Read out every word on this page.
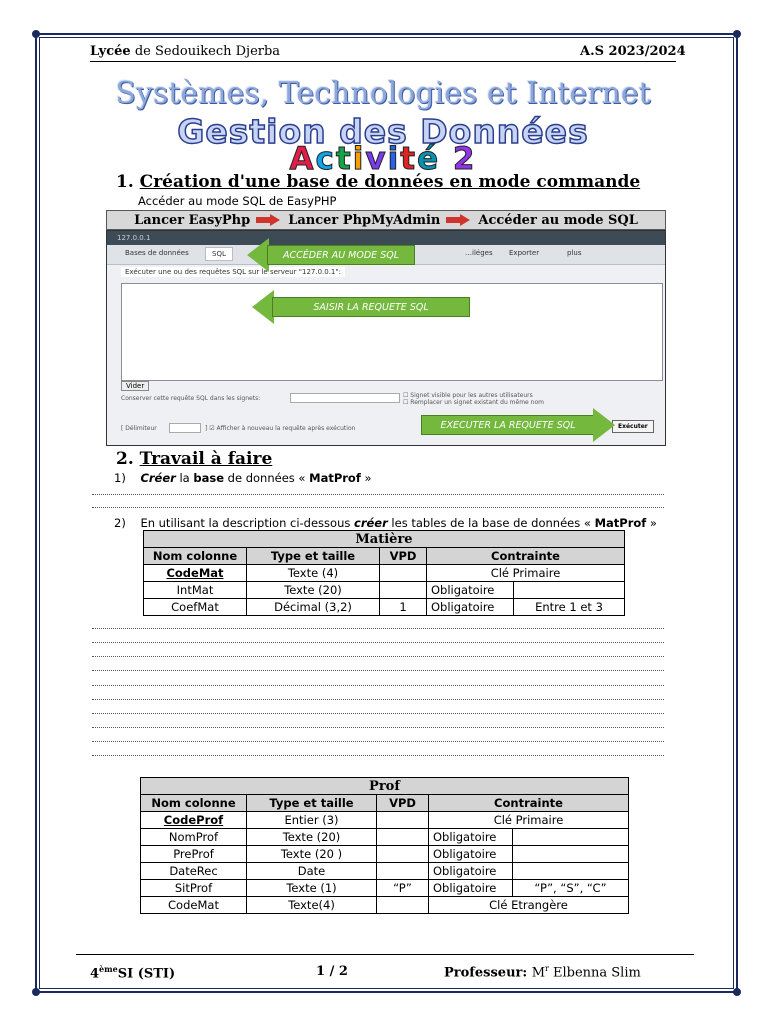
Lycée de Sedouikech Djerba	A.S 2023/2024
Systèmes, Technologies et Internet
Gestion des Données
Activité 2
1. Création d'une base de données en mode commande
Accéder au mode SQL de EasyPHP
Lancer EasyPhp	Lancer PhpMyAdmin	Accéder au mode SQL
127.0.0.1
Bases de données	SQL	…iléges Exporter	plus
Exécuter une ou des requêtes SQL sur le serveur "127.0.0.1":
Vider
Conserver cette requête SQL dans les signets:	☐ Signet visible pour les autres utilisateurs
☐ Remplacer un signet existant du même nom
[ Délimiteur	] ☑ Afficher à nouveau la requête après exécution	Exécuter
ACCÉDER AU MODE SQL
SAISIR LA REQUETE SQL
EXECUTER LA REQUETE SQL
2. Travail à faire
1) Créer la base de données « MatProf »
2) En utilisant la description ci-dessous créer les tables de la base de données « MatProf »
Matière				
Nom colonne	Type et taille	VPD	Contrainte	
CodeMat	Texte (4)		Clé Primaire	
IntMat	Texte (20)		Obligatoire	
CoefMat	Décimal (3,2)	1	Obligatoire	Entre 1 et 3
Prof				
Nom colonne	Type et taille	VPD	Contrainte	
CodeProf	Entier (3)		Clé Primaire	
NomProf	Texte (20)		Obligatoire	
PreProf	Texte (20 )		Obligatoire	
DateRec	Date		Obligatoire	
SitProf	Texte (1)	“P”	Obligatoire	“P”, “S”, “C”
CodeMat	Texte(4)		Clé Etrangère	
4èmeSI (STI)	1 / 2	Professeur: $M^r$ Elbenna Slim
